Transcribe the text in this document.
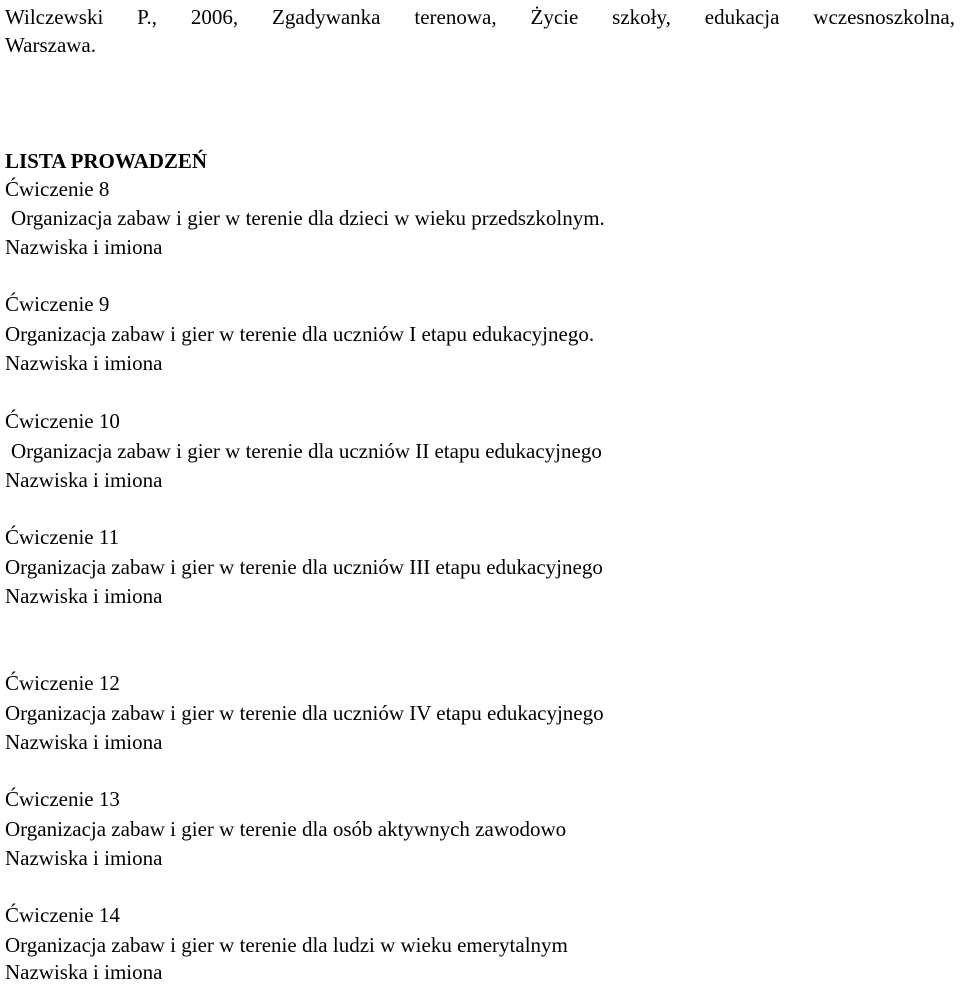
Wilczewski P., 2006, Zgadywanka terenowa, Życie szkoły, edukacja wczesnoszkolna,
Warszawa.
LISTA PROWADZEŃ
Ćwiczenie 8
Organizacja zabaw i gier w terenie dla dzieci w wieku przedszkolnym.
Nazwiska i imiona
Ćwiczenie 9
Organizacja zabaw i gier w terenie dla uczniów I etapu edukacyjnego.
Nazwiska i imiona
Ćwiczenie 10
Organizacja zabaw i gier w terenie dla uczniów II etapu edukacyjnego
Nazwiska i imiona
Ćwiczenie 11
Organizacja zabaw i gier w terenie dla uczniów III etapu edukacyjnego
Nazwiska i imiona
Ćwiczenie 12
Organizacja zabaw i gier w terenie dla uczniów IV etapu edukacyjnego
Nazwiska i imiona
Ćwiczenie 13
Organizacja zabaw i gier w terenie dla osób aktywnych zawodowo
Nazwiska i imiona
Ćwiczenie 14
Organizacja zabaw i gier w terenie dla ludzi w wieku emerytalnym
Nazwiska i imiona
